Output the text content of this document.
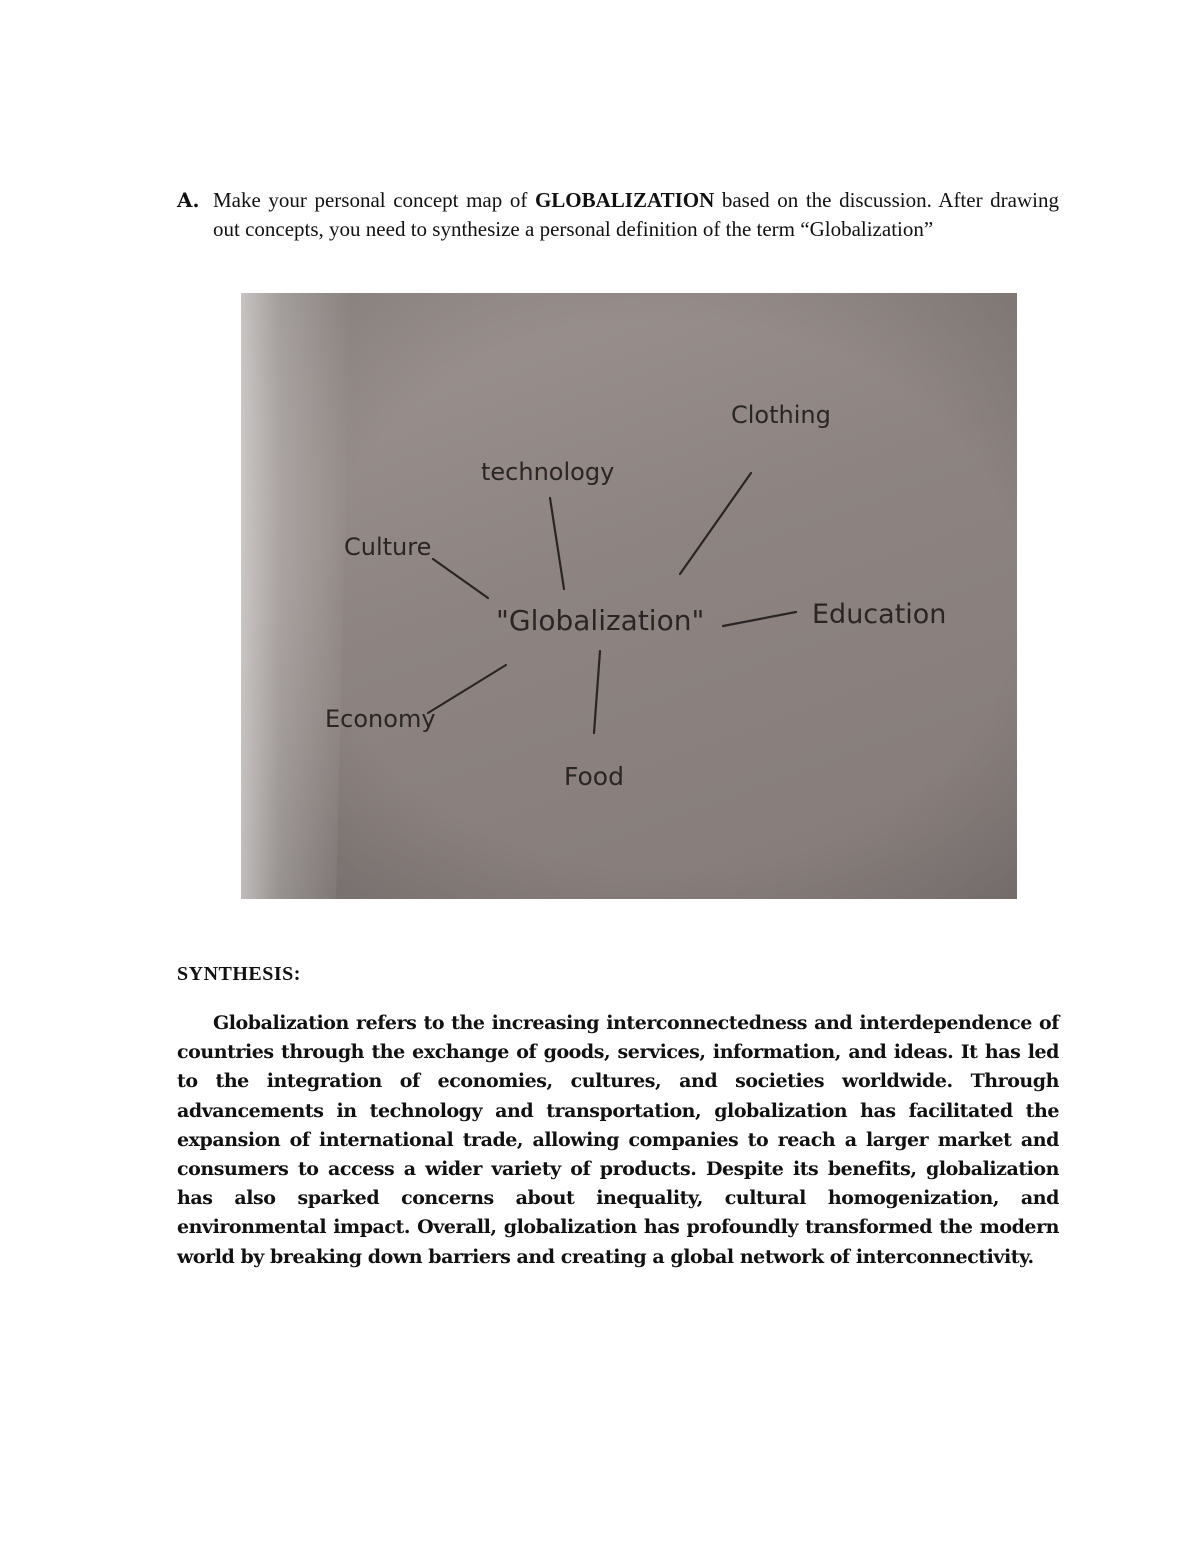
A. Make your personal concept map of GLOBALIZATION based on the discussion. After drawing out concepts, you need to synthesize a personal definition of the term “Globalization”
"Globalization"
Clothing
technology
Culture
Education
Economy
Food
SYNTHESIS:
Globalization refers to the increasing interconnectedness and interdependence of countries through the exchange of goods, services, information, and ideas. It has led to the integration of economies, cultures, and societies worldwide. Through advancements in technology and transportation, globalization has facilitated the expansion of international trade, allowing companies to reach a larger market and consumers to access a wider variety of products. Despite its benefits, globalization has also sparked concerns about inequality, cultural homogenization, and environmental impact. Overall, globalization has profoundly transformed the modern world by breaking down barriers and creating a global network of interconnectivity.
